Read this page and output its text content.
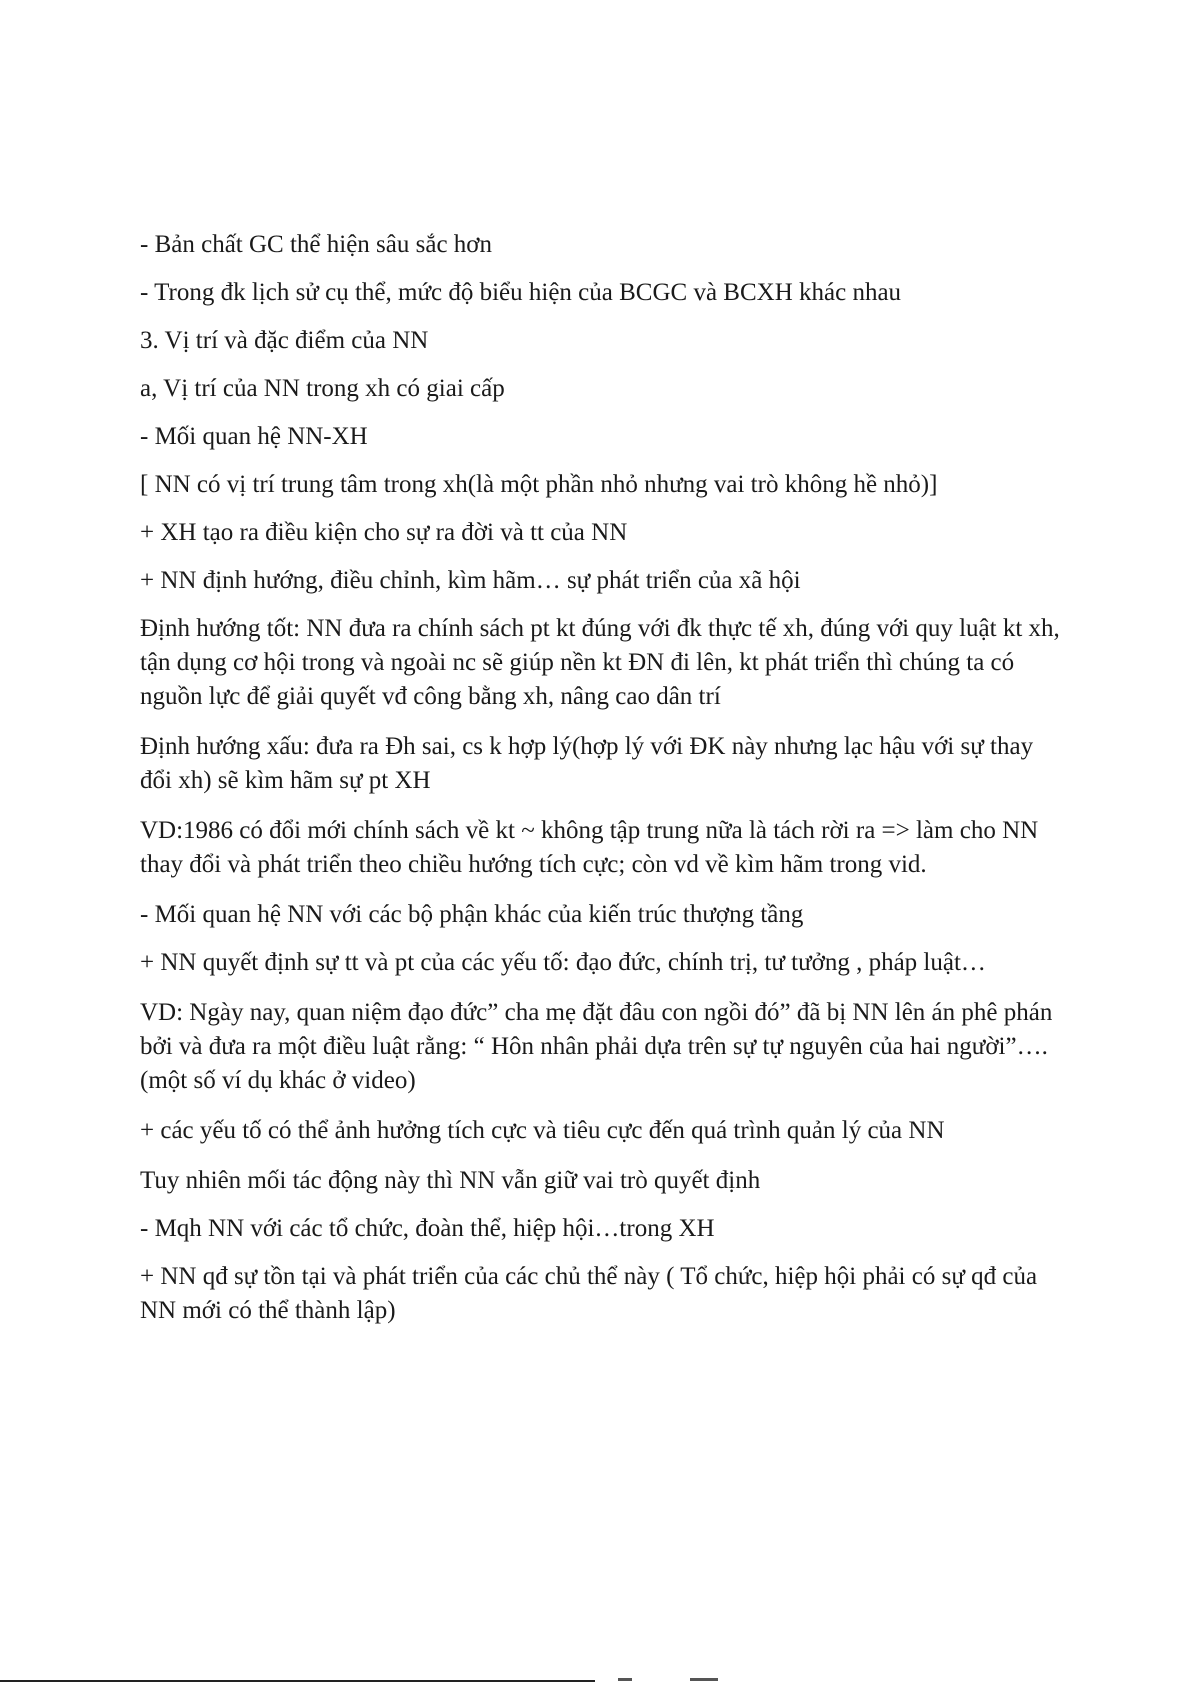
- Bản chất GC thể hiện sâu sắc hơn

- Trong đk lịch sử cụ thể, mức độ biểu hiện của BCGC và BCXH khác nhau

3. Vị trí và đặc điểm của NN

a, Vị trí của NN trong xh có giai cấp

- Mối quan hệ NN-XH

[ NN có vị trí trung tâm trong xh(là một phần nhỏ nhưng vai trò không hề nhỏ)]

+ XH tạo ra điều kiện cho sự ra đời và tt của NN

+ NN định hướng, điều chỉnh, kìm hãm… sự phát triển của xã hội

Định hướng tốt: NN đưa ra chính sách pt kt đúng với đk thực tế xh, đúng với quy luật kt xh, tận dụng cơ hội trong và ngoài nc sẽ giúp nền kt ĐN đi lên, kt phát triển thì chúng ta có nguồn lực để giải quyết vđ công bằng xh, nâng cao dân trí

Định hướng xấu: đưa ra Đh sai, cs k hợp lý(hợp lý với ĐK này nhưng lạc hậu với sự thay đổi xh) sẽ kìm hãm sự pt XH

VD:1986 có đổi mới chính sách về kt ~ không tập trung nữa là tách rời ra => làm cho NN thay đổi và phát triển theo chiều hướng tích cực; còn vd về kìm hãm trong vid.

- Mối quan hệ NN với các bộ phận khác của kiến trúc thượng tầng

+ NN quyết định sự tt và pt của các yếu tố: đạo đức, chính trị, tư tưởng , pháp luật…

VD: Ngày nay, quan niệm đạo đức” cha mẹ đặt đâu con ngồi đó” đã bị NN lên án phê phán bởi và đưa ra một điều luật rằng: “ Hôn nhân phải dựa trên sự tự nguyên của hai người”….(một số ví dụ khác ở video)

+ các yếu tố có thể ảnh hưởng tích cực và tiêu cực đến quá trình quản lý của NN

Tuy nhiên mối tác động này thì NN vẫn giữ vai trò quyết định

- Mqh NN với các tổ chức, đoàn thể, hiệp hội…trong XH

+ NN qđ sự tồn tại và phát triển của các chủ thể này ( Tổ chức, hiệp hội phải có sự qđ của NN mới có thể thành lập)
